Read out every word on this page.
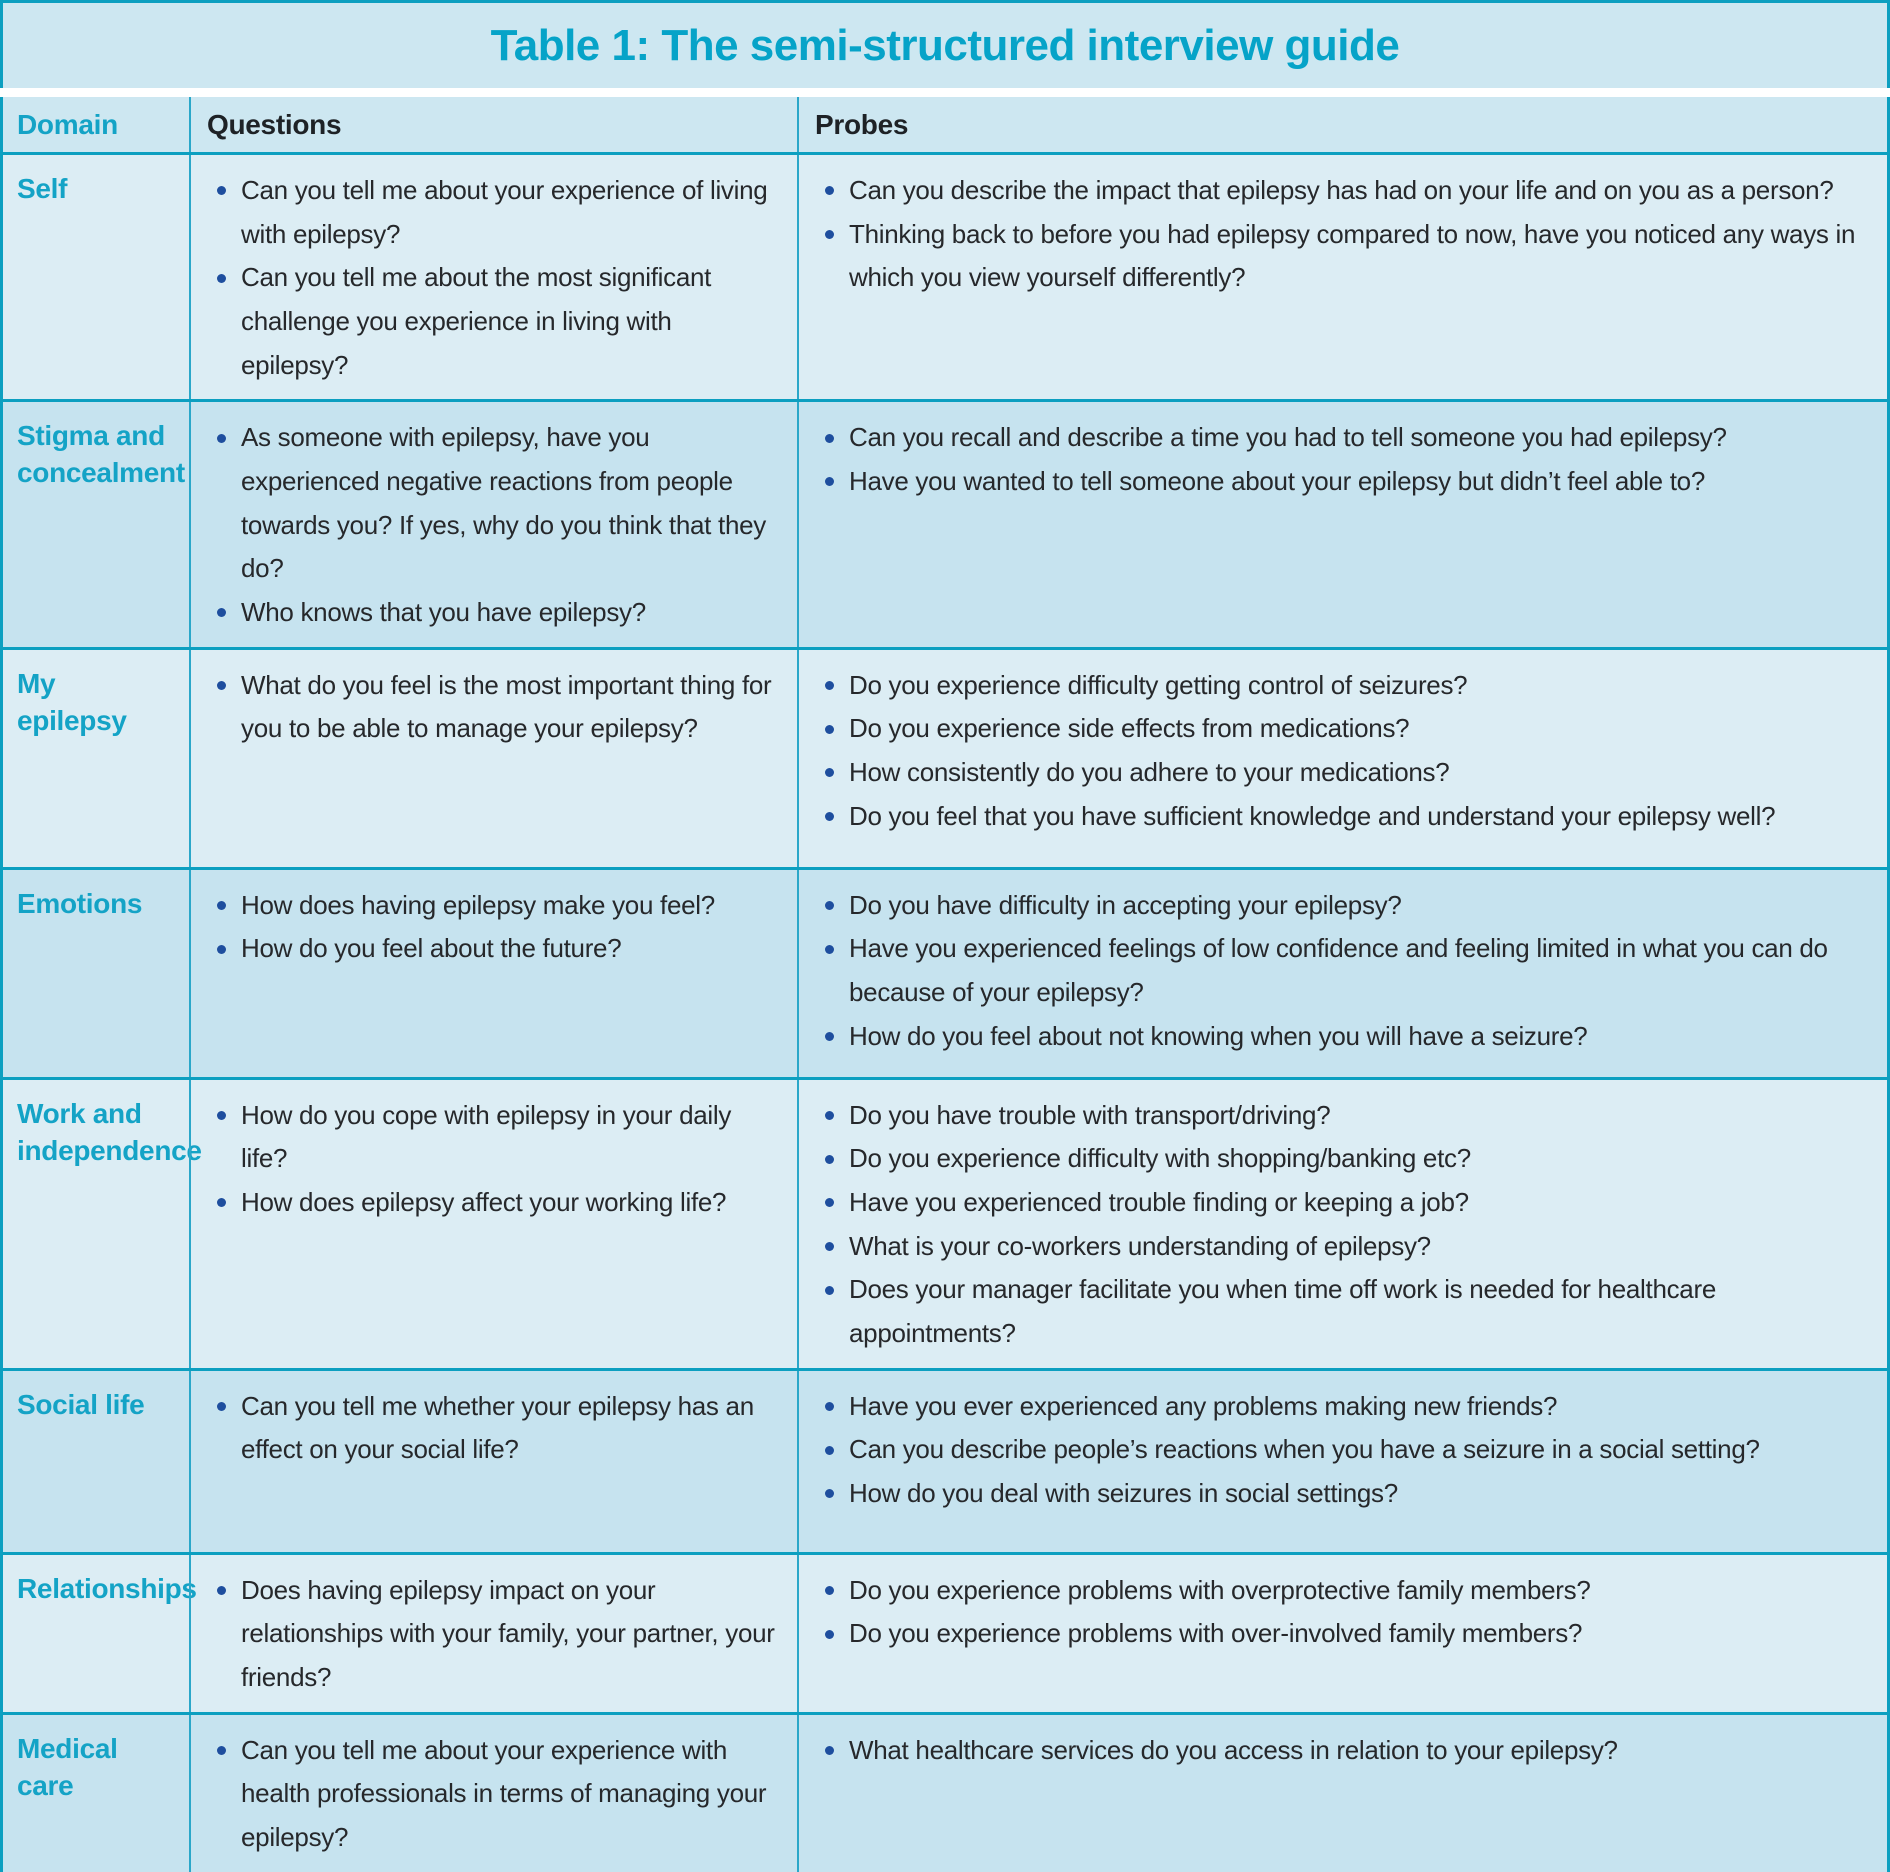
Table 1: The semi-structured interview guide
Domain	Questions	Probes
Self	Can you tell me about your experience of living with epilepsy?
Can you tell me about the most significant challenge you experience in living with epilepsy?
Can you describe the impact that epilepsy has had on your life and on you as a person?
Thinking back to before you had epilepsy compared to now, have you noticed any ways in which you view yourself differently?
Stigma and concealment
As someone with epilepsy, have you experienced negative reactions from people towards you? If yes, why do you think that they do?
Who knows that you have epilepsy?
Can you recall and describe a time you had to tell someone you had epilepsy?
Have you wanted to tell someone about your epilepsy but didn’t feel able to?
My epilepsy
What do you feel is the most important thing for you to be able to manage your epilepsy?
Do you experience difficulty getting control of seizures?
Do you experience side effects from medications?
How consistently do you adhere to your medications?
Do you feel that you have sufficient knowledge and understand your epilepsy well?
Emotions	How does having epilepsy make you feel?
How do you feel about the future?
Do you have difficulty in accepting your epilepsy?
Have you experienced feelings of low confidence and feeling limited in what you can do because of your epilepsy?
How do you feel about not knowing when you will have a seizure?
Work and independence
How do you cope with epilepsy in your daily life?
How does epilepsy affect your working life?
Do you have trouble with transport/driving?
Do you experience difficulty with shopping/banking etc?
Have you experienced trouble finding or keeping a job?
What is your co-workers understanding of epilepsy?
Does your manager facilitate you when time off work is needed for healthcare appointments?
Social life	Can you tell me whether your epilepsy has an effect on your social life?
Have you ever experienced any problems making new friends?
Can you describe people’s reactions when you have a seizure in a social setting?
How do you deal with seizures in social settings?
Relationships	Does having epilepsy impact on your relationships with your family, your partner, your friends?
Do you experience problems with overprotective family members?
Do you experience problems with over-involved family members?
Medical care
Can you tell me about your experience with health professionals in terms of managing your epilepsy?
What healthcare services do you access in relation to your epilepsy?
